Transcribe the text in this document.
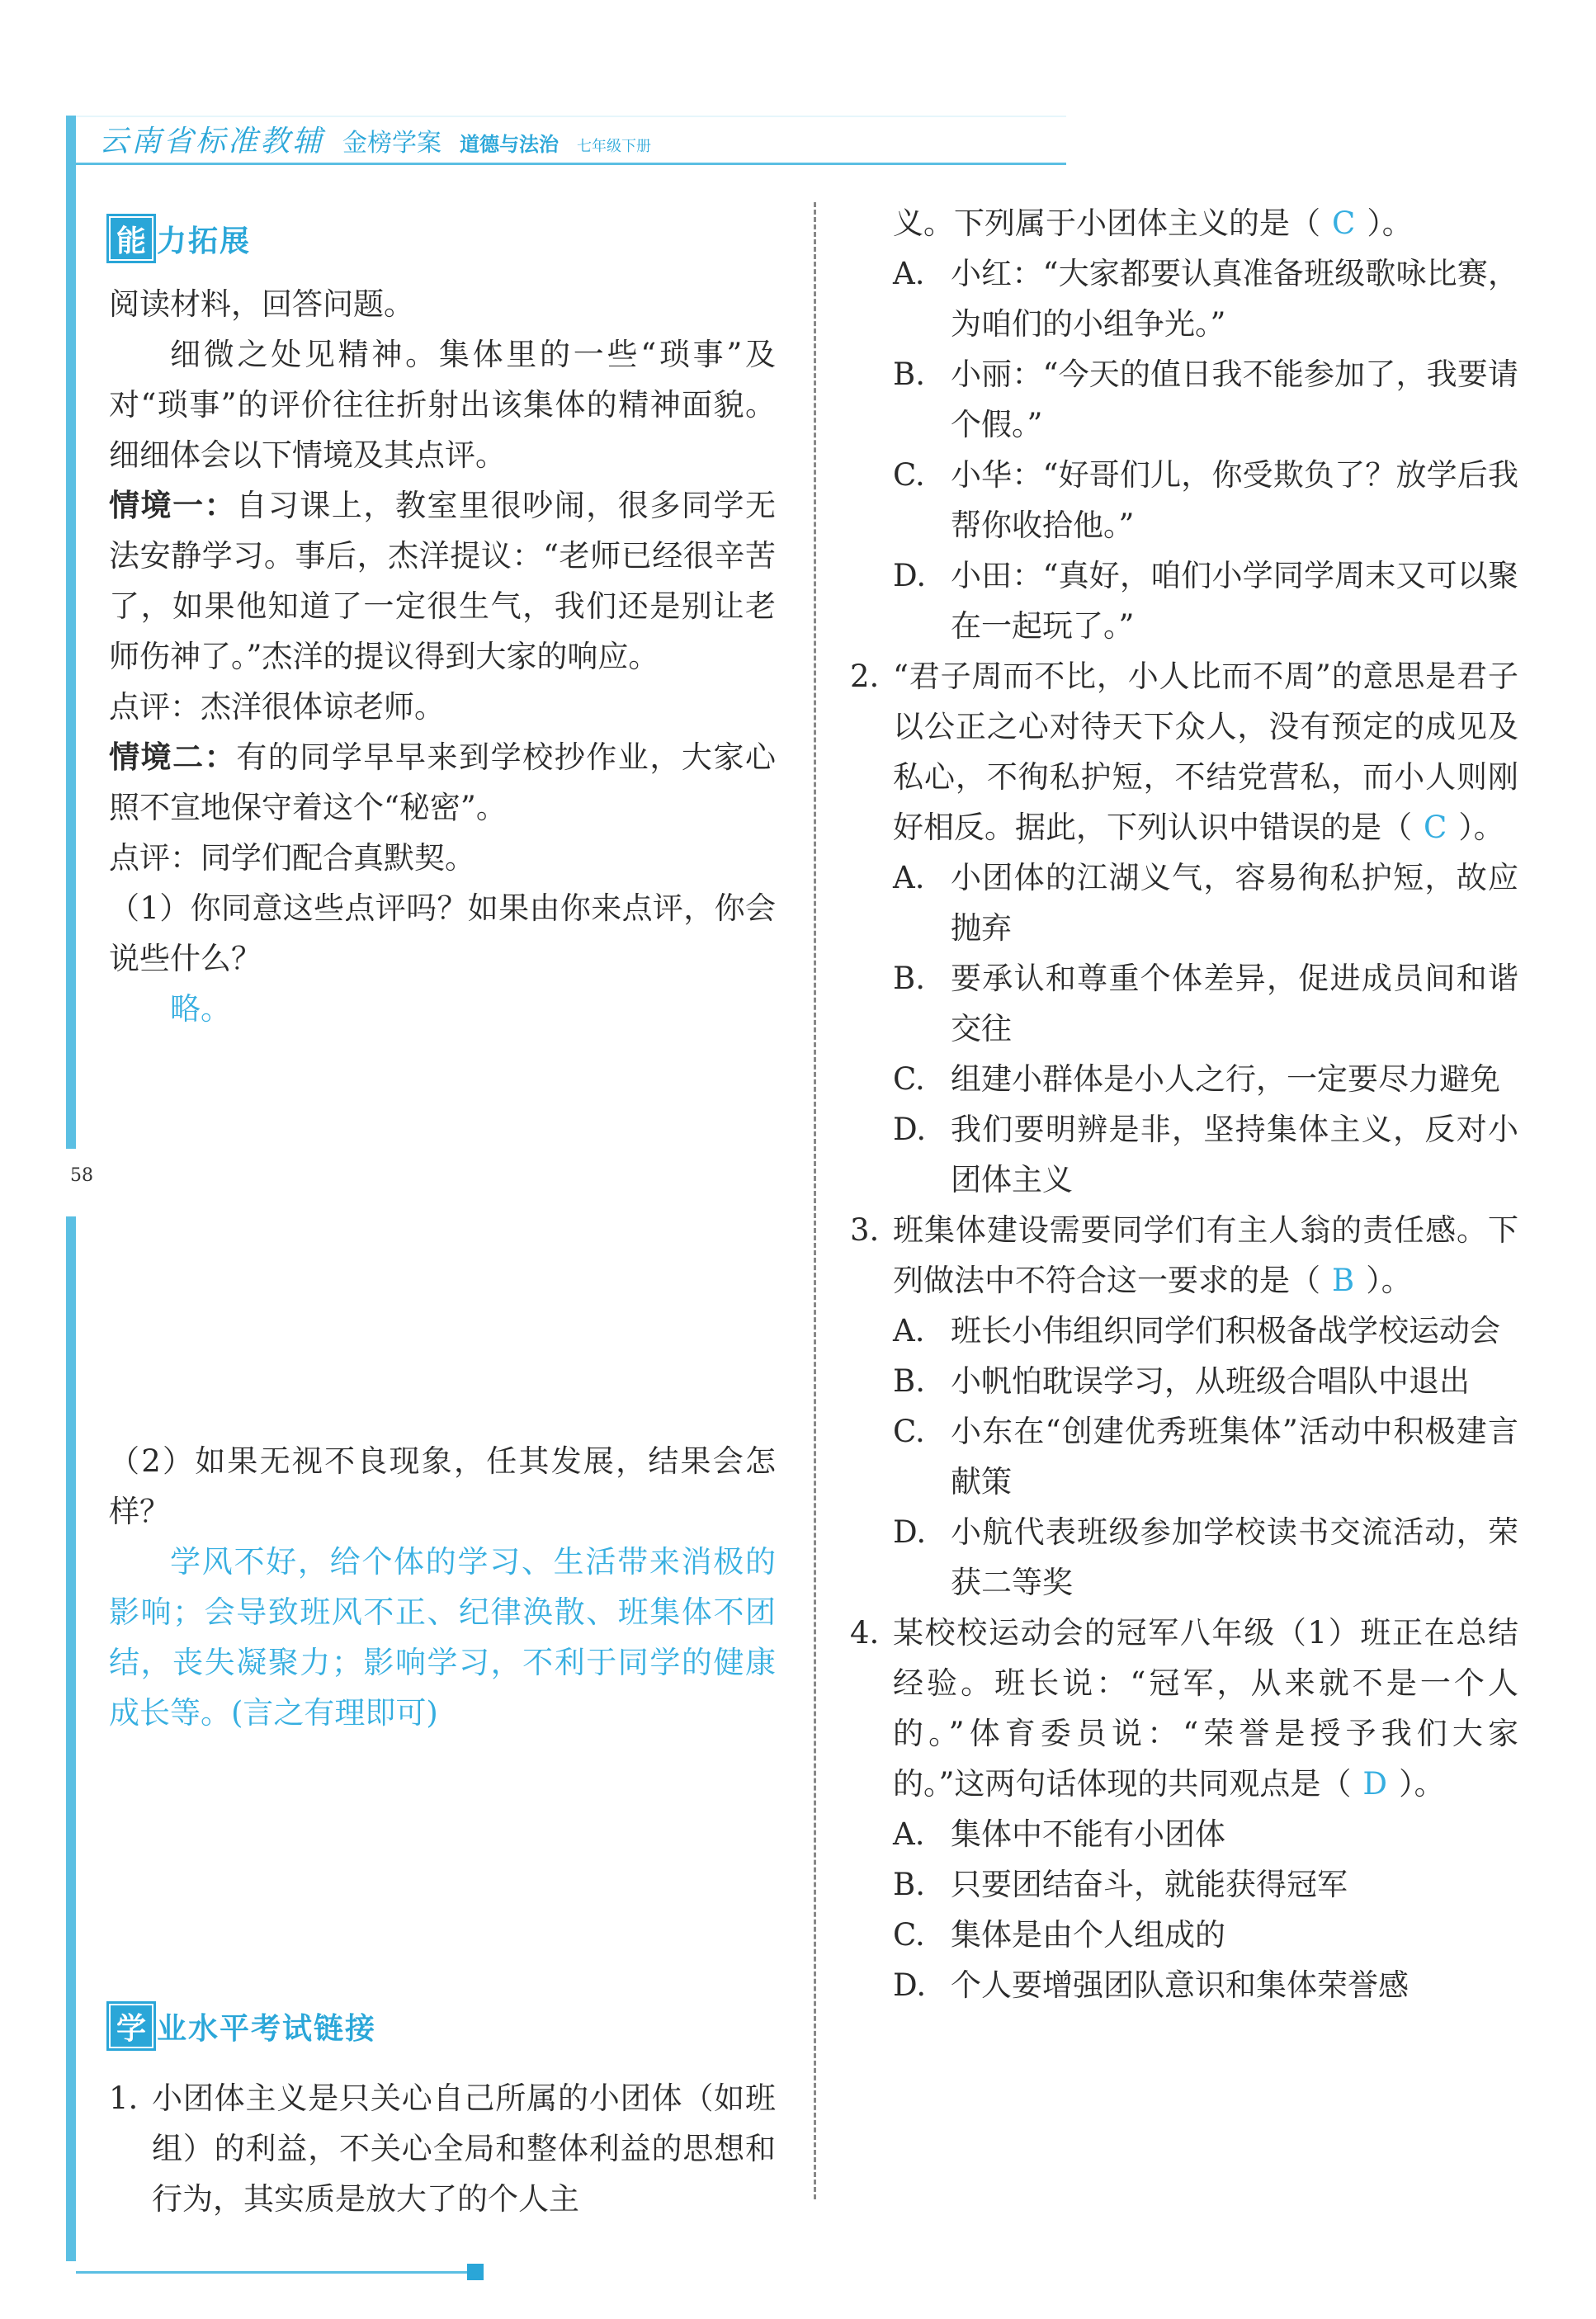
云南省标准教辅 金榜学案 道德与法治 七年级下册
58
能 力拓展

阅读材料，回答问题。

细微之处见精神。集体里的一些“琐事”及对“琐事”的评价往往折射出该集体的精神面貌。细细体会以下情境及其点评。

情境一：自习课上，教室里很吵闹，很多同学无法安静学习。事后，杰洋提议：“老师已经很辛苦了，如果他知道了一定很生气，我们还是别让老师伤神了。”杰洋的提议得到大家的响应。

点评：杰洋很体谅老师。

情境二：有的同学早早来到学校抄作业，大家心照不宣地保守着这个“秘密”。

点评：同学们配合真默契。

（1）你同意这些点评吗？如果由你来点评，你会说些什么？

略。

（2）如果无视不良现象，任其发展，结果会怎样？

学风不好，给个体的学习、生活带来消极的影响；会导致班风不正、纪律涣散、班集体不团结，丧失凝聚力；影响学习，不利于同学的健康成长等。(言之有理即可)

学 业水平考试链接
1. 小团体主义是只关心自己所属的小团体（如班组）的利益，不关心全局和整体利益的思想和行为，其实质是放大了的个人主
义。下列属于小团体主义的是（ C ）。
A. 小红：“大家都要认真准备班级歌咏比赛，为咱们的小组争光。”
B. 小丽：“今天的值日我不能参加了，我要请个假。”
C. 小华：“好哥们儿，你受欺负了？放学后我帮你收拾他。”
D. 小田：“真好，咱们小学同学周末又可以聚在一起玩了。”
2. “君子周而不比，小人比而不周”的意思是君子以公正之心对待天下众人，没有预定的成见及私心，不徇私护短，不结党营私，而小人则刚好相反。据此，下列认识中错误的是（ C ）。
A. 小团体的江湖义气，容易徇私护短，故应抛弃
B. 要承认和尊重个体差异，促进成员间和谐交往
C. 组建小群体是小人之行，一定要尽力避免
D. 我们要明辨是非，坚持集体主义，反对小团体主义
3. 班集体建设需要同学们有主人翁的责任感。下列做法中不符合这一要求的是（ B ）。
A. 班长小伟组织同学们积极备战学校运动会
B. 小帆怕耽误学习，从班级合唱队中退出
C. 小东在“创建优秀班集体”活动中积极建言献策
D. 小航代表班级参加学校读书交流活动，荣获二等奖
4. 某校校运动会的冠军八年级（1）班正在总结经验。班长说：“冠军，从来就不是一个人的。”体育委员说：“荣誉是授予我们大家的。”这两句话体现的共同观点是（ D ）。
A. 集体中不能有小团体
B. 只要团结奋斗，就能获得冠军
C. 集体是由个人组成的
D. 个人要增强团队意识和集体荣誉感
